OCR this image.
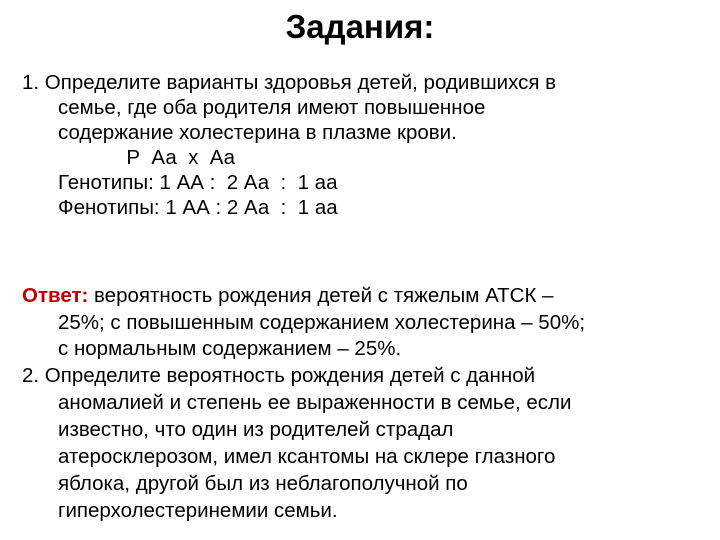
Задания:
1. Определите варианты здоровья детей, родившихся в
семье, где оба родителя имеют повышенное
содержание холестерина в плазме крови.
Р  Аа  х  Аа
Генотипы: 1 АА :  2 Аа  :  1 аа
Фенотипы: 1 АА : 2 Аа  :  1 аа
Ответ: вероятность рождения детей с тяжелым АТСК –
25%; с повышенным содержанием холестерина – 50%;
с нормальным содержанием – 25%.
2. Определите вероятность рождения детей с данной
аномалией и степень ее выраженности в семье, если
известно, что один из родителей страдал
атеросклерозом, имел ксантомы на склере глазного
яблока, другой был из неблагополучной по
гиперхолестеринемии семьи.
